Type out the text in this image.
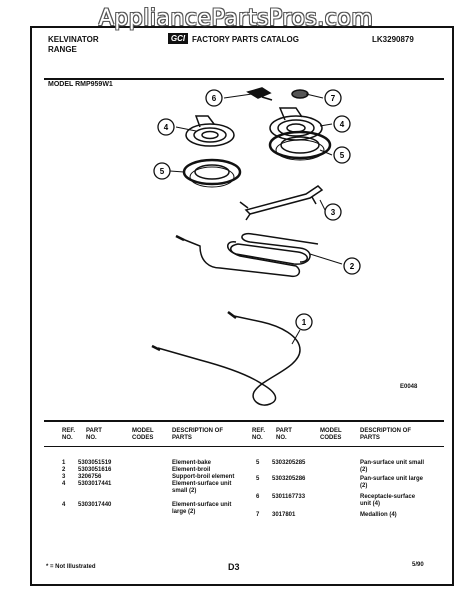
AppliancePartsPros.com
KELVINATOR
RANGE
GCI FACTORY PARTS CATALOG	LK3290879
MODEL RMP959W1
4
5
6	7
4
5
3
2
1
E0048
REF. NO.
PART NO.
MODEL CODES
DESCRIPTION OF PARTS
REF. NO.
PART NO.
MODEL CODES
DESCRIPTION OF PARTS
1 5303051519	Element-bake
2 5303051616	Element-broil
3 3206756	Support-broil element
4 5303017441	Element-surface unit small (2)
4 5303017440	Element-surface unit large (2)
5 5303205285	Pan-surface unit small (2)
5 5303205286	Pan-surface unit large (2)
6 5301167733	Receptacle-surface unit (4)
7 3017801	Medallion (4)
* = Not Illustrated	D3	5/90
